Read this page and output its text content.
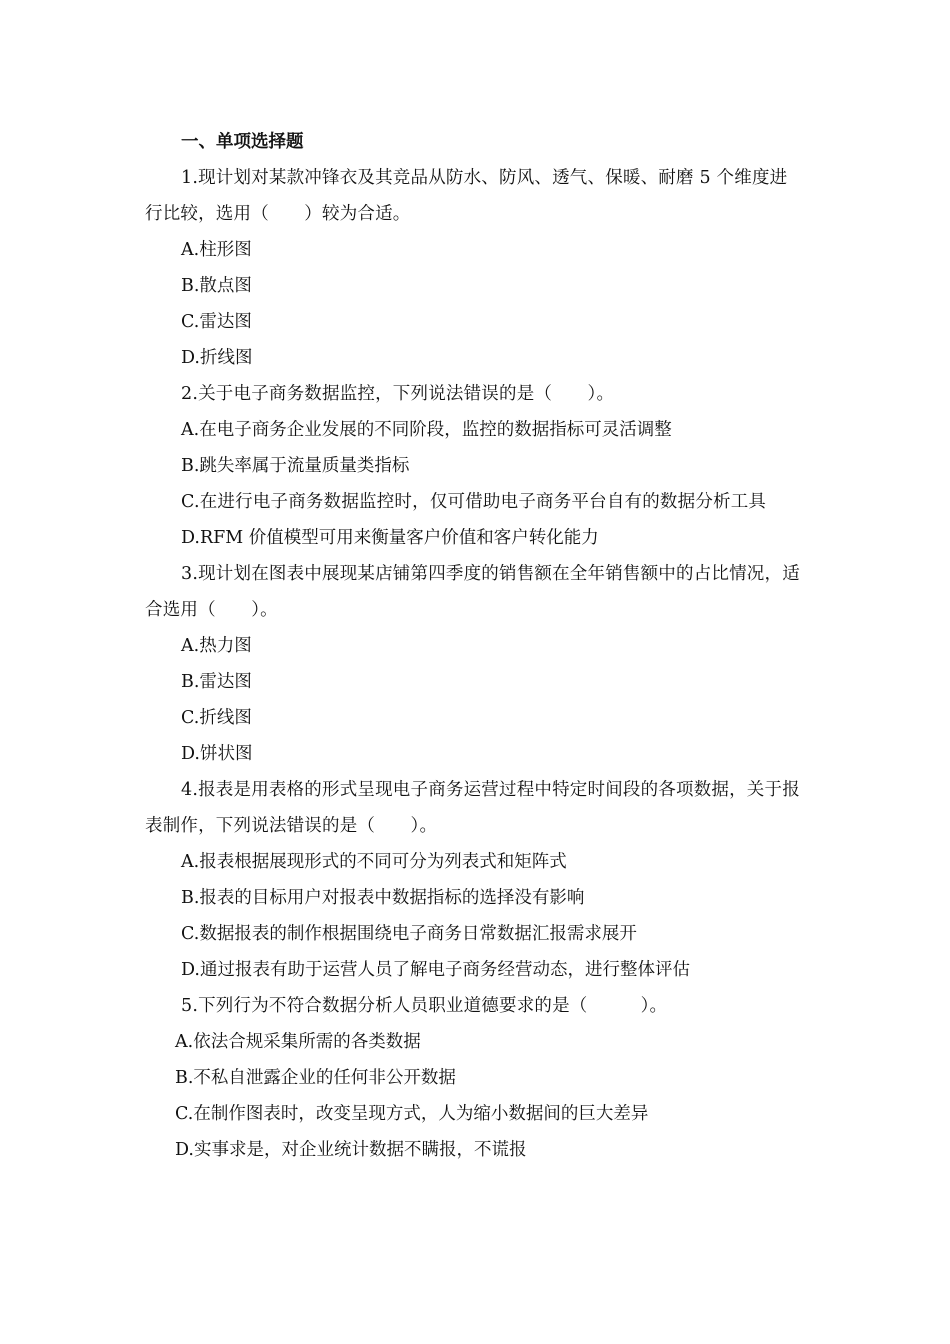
一、单项选择题
1.现计划对某款冲锋衣及其竞品从防水、防风、透气、保暖、耐磨 5 个维度进行比较，选用（　　）较为合适。
A.柱形图
B.散点图
C.雷达图
D.折线图
2.关于电子商务数据监控，下列说法错误的是（　　）。
A.在电子商务企业发展的不同阶段，监控的数据指标可灵活调整
B.跳失率属于流量质量类指标
C.在进行电子商务数据监控时，仅可借助电子商务平台自有的数据分析工具
D.RFM 价值模型可用来衡量客户价值和客户转化能力
3.现计划在图表中展现某店铺第四季度的销售额在全年销售额中的占比情况，适合选用（　　）。
A.热力图
B.雷达图
C.折线图
D.饼状图
4.报表是用表格的形式呈现电子商务运营过程中特定时间段的各项数据，关于报表制作，下列说法错误的是（　　）。
A.报表根据展现形式的不同可分为列表式和矩阵式
B.报表的目标用户对报表中数据指标的选择没有影响
C.数据报表的制作根据围绕电子商务日常数据汇报需求展开
D.通过报表有助于运营人员了解电子商务经营动态，进行整体评估
5.下列行为不符合数据分析人员职业道德要求的是（　　　）。
A.依法合规采集所需的各类数据
B.不私自泄露企业的任何非公开数据
C.在制作图表时，改变呈现方式，人为缩小数据间的巨大差异
D.实事求是，对企业统计数据不瞒报，不谎报
